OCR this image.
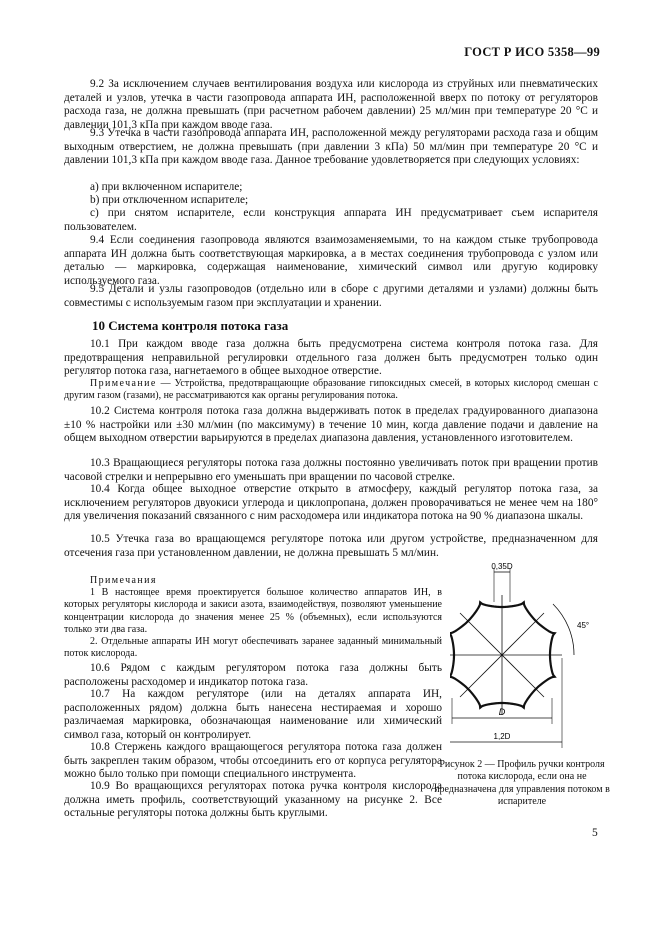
ГОСТ Р ИСО 5358—99

9.2 За исключением случаев вентилирования воздуха или кислорода из струйных или пневматических деталей и узлов, утечка в части газопровода аппарата ИН, расположенной вверх по потоку от регуляторов расхода газа, не должна превышать (при расчетном рабочем давлении) 25 мл/мин при температуре 20 °С и давлении 101,3 кПа при каждом вводе газа.

9.3 Утечка в части газопровода аппарата ИН, расположенной между регуляторами расхода газа и общим выходным отверстием, не должна превышать (при давлении 3 кПа) 50 мл/мин при температуре 20 °С и давлении 101,3 кПа при каждом вводе газа. Данное требование удовлетворяется при следующих условиях:

a) при включенном испарителе;

b) при отключенном испарителе;

c) при снятом испарителе, если конструкция аппарата ИН предусматривает съем испарителя пользователем.

9.4 Если соединения газопровода являются взаимозаменяемыми, то на каждом стыке трубопровода аппарата ИН должна быть соответствующая маркировка, а в местах соединения трубопровода с узлом или деталью — маркировка, содержащая наименование, химический символ или другую кодировку используемого газа.

9.5 Детали и узлы газопроводов (отдельно или в сборе с другими деталями и узлами) должны быть совместимы с используемым газом при эксплуатации и хранении.

10 Система контроля потока газа

10.1 При каждом вводе газа должна быть предусмотрена система контроля потока газа. Для предотвращения неправильной регулировки отдельного газа должен быть предусмотрен только один регулятор потока газа, нагнетаемого в общее выходное отверстие.

Примечание — Устройства, предотвращающие образование гипоксидных смесей, в которых кислород смешан с другим газом (газами), не рассматриваются как органы регулирования потока.

10.2 Система контроля потока газа должна выдерживать поток в пределах градуированного диапазона ±10 % настройки или ±30 мл/мин (по максимуму) в течение 10 мин, когда давление подачи и давление на общем выходном отверстии варьируются в пределах диапазона давления, установленного изготовителем.

10.3 Вращающиеся регуляторы потока газа должны постоянно увеличивать поток при вращении против часовой стрелки и непрерывно его уменьшать при вращении по часовой стрелке.

10.4 Когда общее выходное отверстие открыто в атмосферу, каждый регулятор потока газа, за исключением регуляторов двуокиси углерода и циклопропана, должен проворачиваться не менее чем на 180° для увеличения показаний связанного с ним расходомера или индикатора потока на 90 % диапазона шкалы.

10.5 Утечка газа во вращающемся регуляторе потока или другом устройстве, предназначенном для отсечения газа при установленном давлении, не должна превышать 5 мл/мин.

Примечания

1 В настоящее время проектируется большое количество аппаратов ИН, в которых регуляторы кислорода и закиси азота, взаимодействуя, позволяют уменьшение концентрации кислорода до значения менее 25 % (объемных), если используются только эти два газа.

2. Отдельные аппараты ИН могут обеспечивать заранее заданный минимальный поток кислорода.

10.6 Рядом с каждым регулятором потока газа должны быть расположены расходомер и индикатор потока газа.

10.7 На каждом регуляторе (или на деталях аппарата ИН, расположенных рядом) должна быть нанесена нестираемая и хорошо различаемая маркировка, обозначающая наименование или химический символ газа, который он контролирует.

10.8 Стержень каждого вращающегося регулятора потока газа должен быть закреплен таким образом, чтобы отсоединить его от корпуса регулятора можно было только при помощи специального инструмента.

10.9 Во вращающихся регуляторах потока ручка контроля кислорода должна иметь профиль, соответствующий указанному на рисунке 2. Все остальные регуляторы потока должны быть круглыми.

0,35D
45°
D
1,2D

Рисунок 2 — Профиль ручки контроля потока кислорода, если она не предназначена для управления потоком в испарителе

5
